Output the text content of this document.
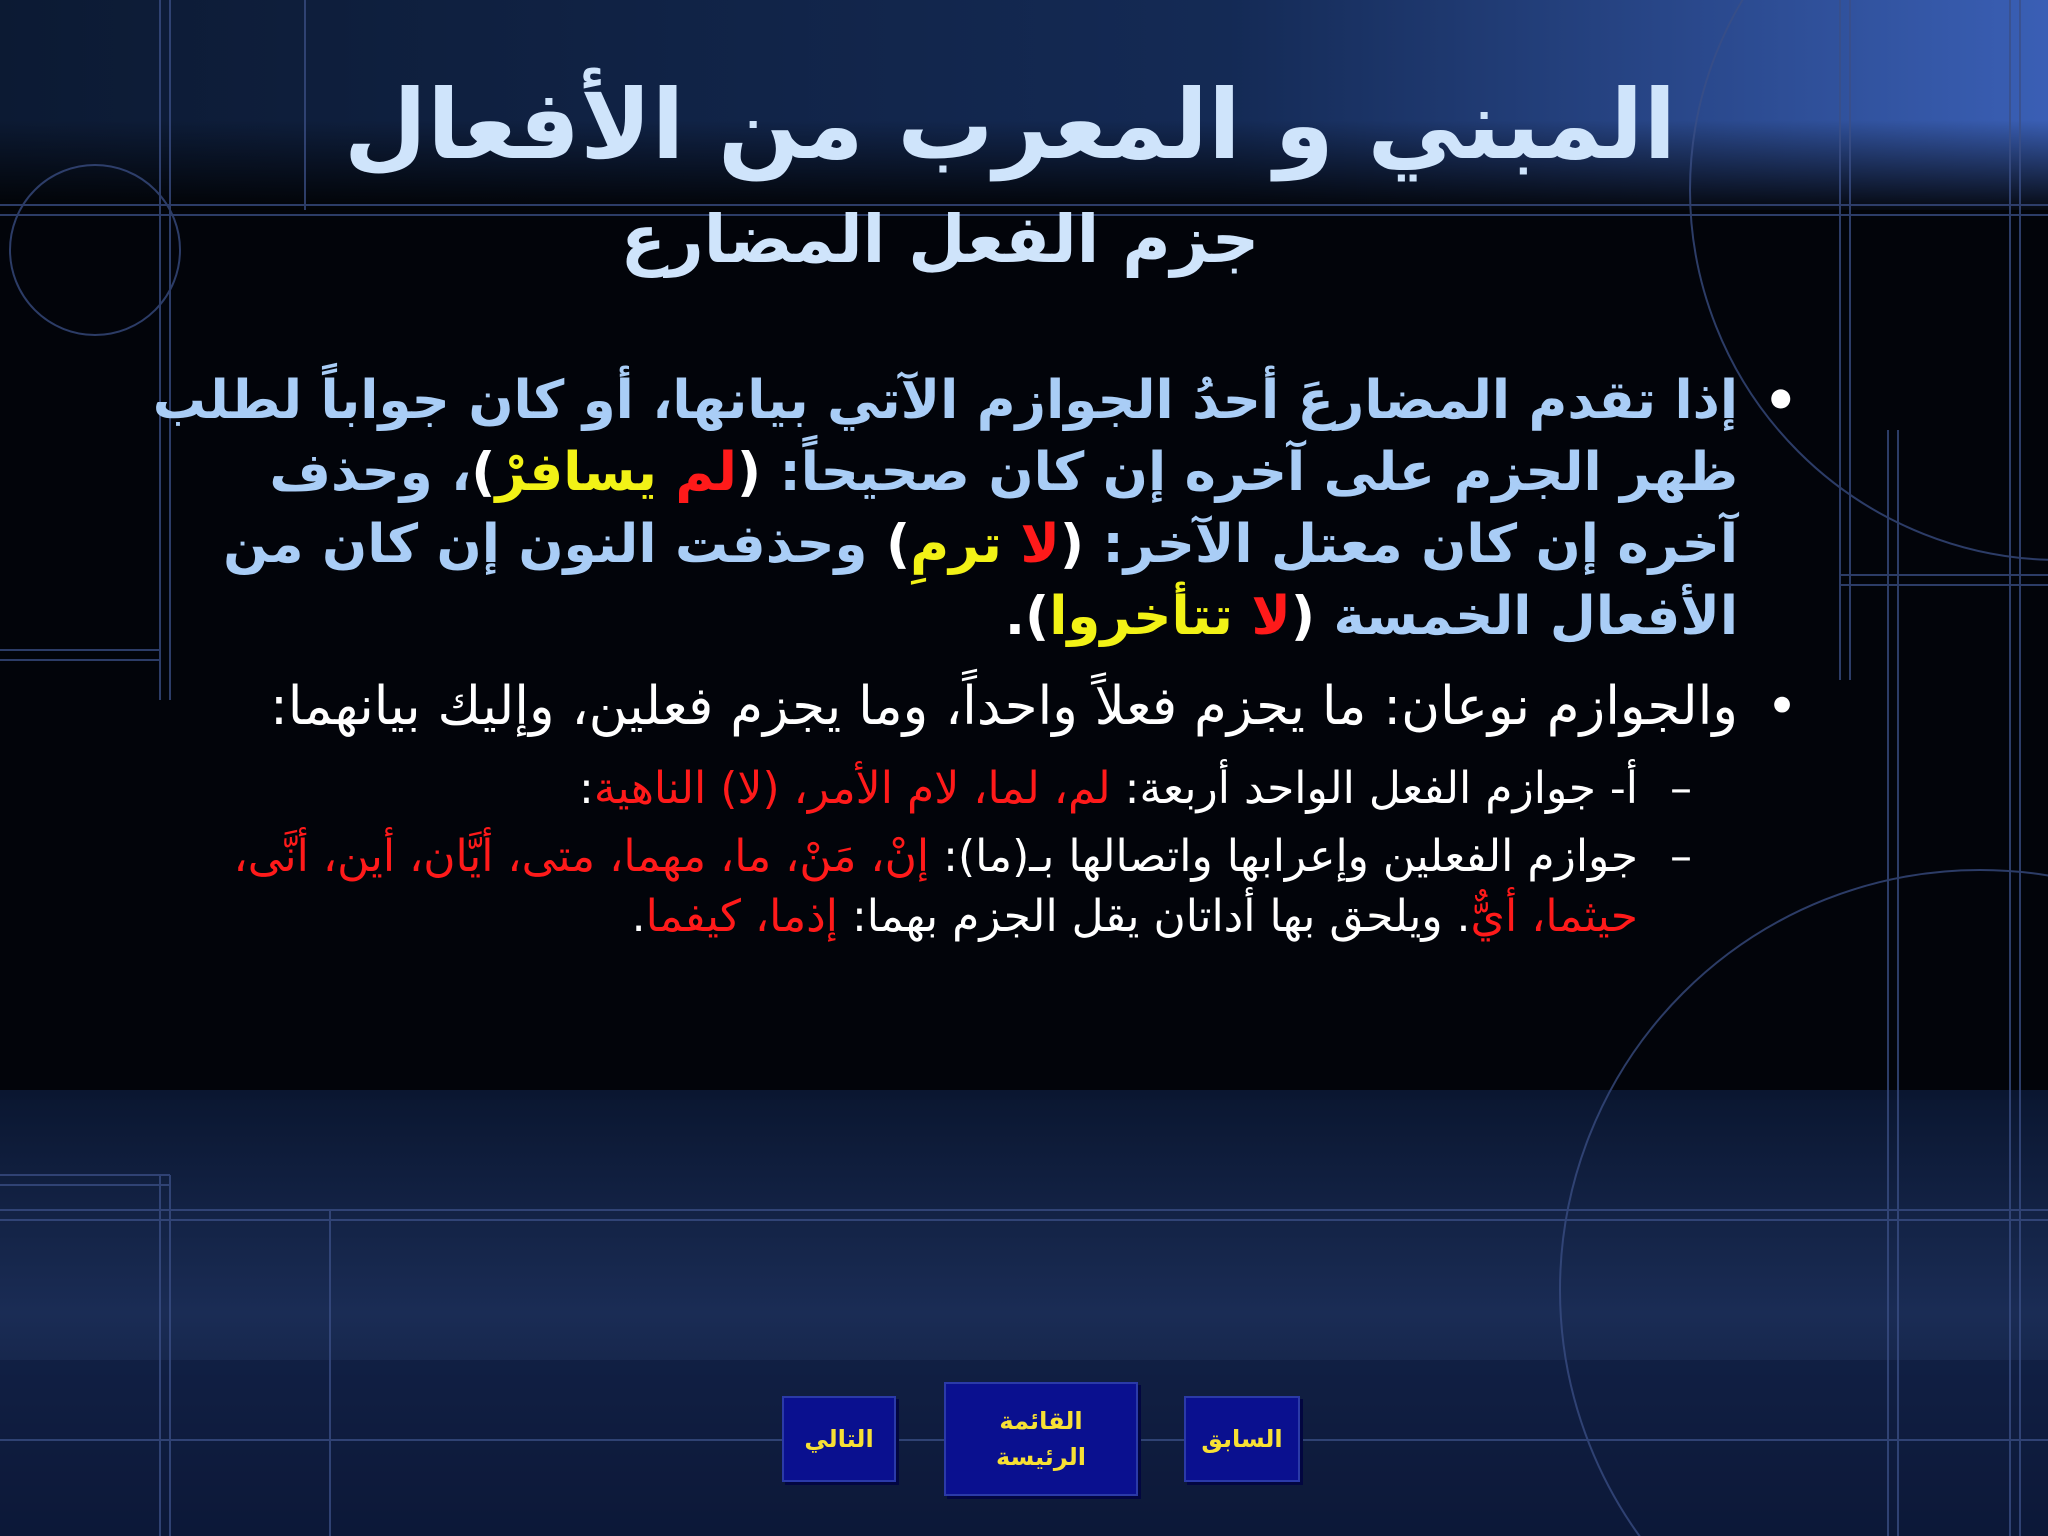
المبني و المعرب من الأفعال
جزم الفعل المضارع
•
إذا تقدم المضارعَ أحدُ الجوازم الآتي بيانها، أو كان جواباً لطلب ظهر الجزم على آخره إن كان صحيحاً: (لم يسافرْ)، وحذف آخره إن كان معتل الآخر: (لا ترمِ) وحذفت النون إن كان من الأفعال الخمسة (لا تتأخروا).
•
والجوازم نوعان: ما يجزم فعلاً واحداً، وما يجزم فعلين، وإليك بيانهما:
–
أ- جوازم الفعل الواحد أربعة: لم، لما، لام الأمر، (لا) الناهية:
–
جوازم الفعلين وإعرابها واتصالها بـ(ما): إنْ، مَنْ، ما، مهما، متى، أيَّان، أين، أنَّى، حيثما، أيٌّ. ويلحق بها أداتان يقل الجزم بهما: إذما، كيفما.
التالي
القائمة
الرئيسة
السابق
